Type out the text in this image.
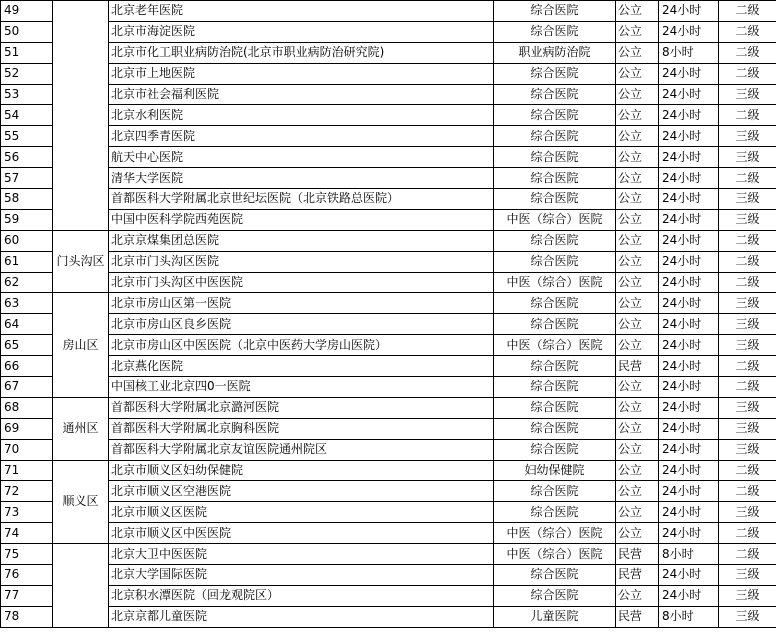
49		北京老年医院	综合医院	公立	24小时	二级
50		北京市海淀医院	综合医院	公立	24小时	二级
51		北京市化工职业病防治院(北京市职业病防治研究院)	职业病防治院	公立	8小时	二级
52		北京市上地医院	综合医院	公立	24小时	二级
53		北京市社会福利医院	综合医院	公立	24小时	三级
54		北京水利医院	综合医院	公立	24小时	二级
55		北京四季青医院	综合医院	公立	24小时	三级
56		航天中心医院	综合医院	公立	24小时	三级
57		清华大学医院	综合医院	公立	24小时	二级
58		首都医科大学附属北京世纪坛医院（北京铁路总医院）	综合医院	公立	24小时	三级
59		中国中医科学院西苑医院	中医（综合）医院	公立	24小时	三级
60	门头沟区	北京京煤集团总医院	综合医院	公立	24小时	二级
61		北京市门头沟区医院	综合医院	公立	24小时	二级
62		北京市门头沟区中医医院	中医（综合）医院	公立	24小时	二级
63	房山区	北京市房山区第一医院	综合医院	公立	24小时	三级
64		北京市房山区良乡医院	综合医院	公立	24小时	三级
65		北京市房山区中医医院（北京中医药大学房山医院）	中医（综合）医院	公立	24小时	三级
66		北京燕化医院	综合医院	民营	24小时	二级
67		中国核工业北京四0一医院	综合医院	公立	24小时	二级
68	通州区	首都医科大学附属北京潞河医院	综合医院	公立	24小时	三级
69		首都医科大学附属北京胸科医院	综合医院	公立	24小时	三级
70		首都医科大学附属北京友谊医院通州院区	综合医院	公立	24小时	三级
71	顺义区	北京市顺义区妇幼保健院	妇幼保健院	公立	24小时	二级
72		北京市顺义区空港医院	综合医院	公立	24小时	二级
73		北京市顺义区医院	综合医院	公立	24小时	三级
74		北京市顺义区中医医院	中医（综合）医院	公立	24小时	二级
75		北京大卫中医医院	中医（综合）医院	民营	8小时	二级
76		北京大学国际医院	综合医院	民营	24小时	三级
77		北京积水潭医院（回龙观院区）	综合医院	公立	24小时	三级
78		北京京都儿童医院	儿童医院	民营	8小时	三级
